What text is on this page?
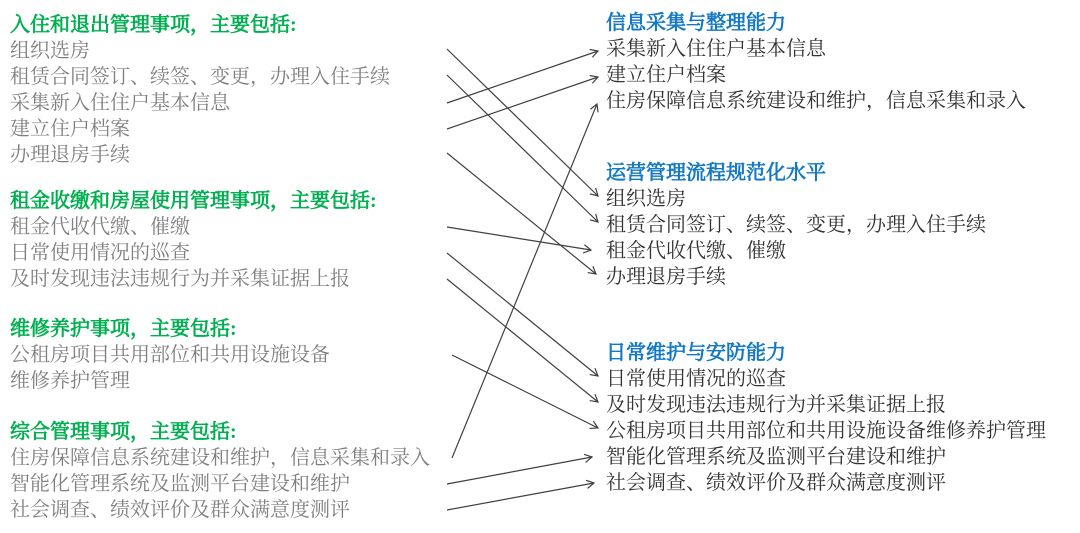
入住和退出管理事项，主要包括:
组织选房
租赁合同签订、续签、变更，办理入住手续
采集新入住住户基本信息
建立住户档案
办理退房手续
租金收缴和房屋使用管理事项，主要包括:
租金代收代缴、催缴
日常使用情况的巡查
及时发现违法违规行为并采集证据上报
维修养护事项，主要包括:
公租房项目共用部位和共用设施设备
维修养护管理
综合管理事项，主要包括:
住房保障信息系统建设和维护，信息采集和录入
智能化管理系统及监测平台建设和维护
社会调查、绩效评价及群众满意度测评
信息采集与整理能力
采集新入住住户基本信息
建立住户档案
住房保障信息系统建设和维护，信息采集和录入
运营管理流程规范化水平
组织选房
租赁合同签订、续签、变更，办理入住手续
租金代收代缴、催缴
办理退房手续
日常维护与安防能力
日常使用情况的巡查
及时发现违法违规行为并采集证据上报
公租房项目共用部位和共用设施设备维修养护管理
智能化管理系统及监测平台建设和维护
社会调查、绩效评价及群众满意度测评
